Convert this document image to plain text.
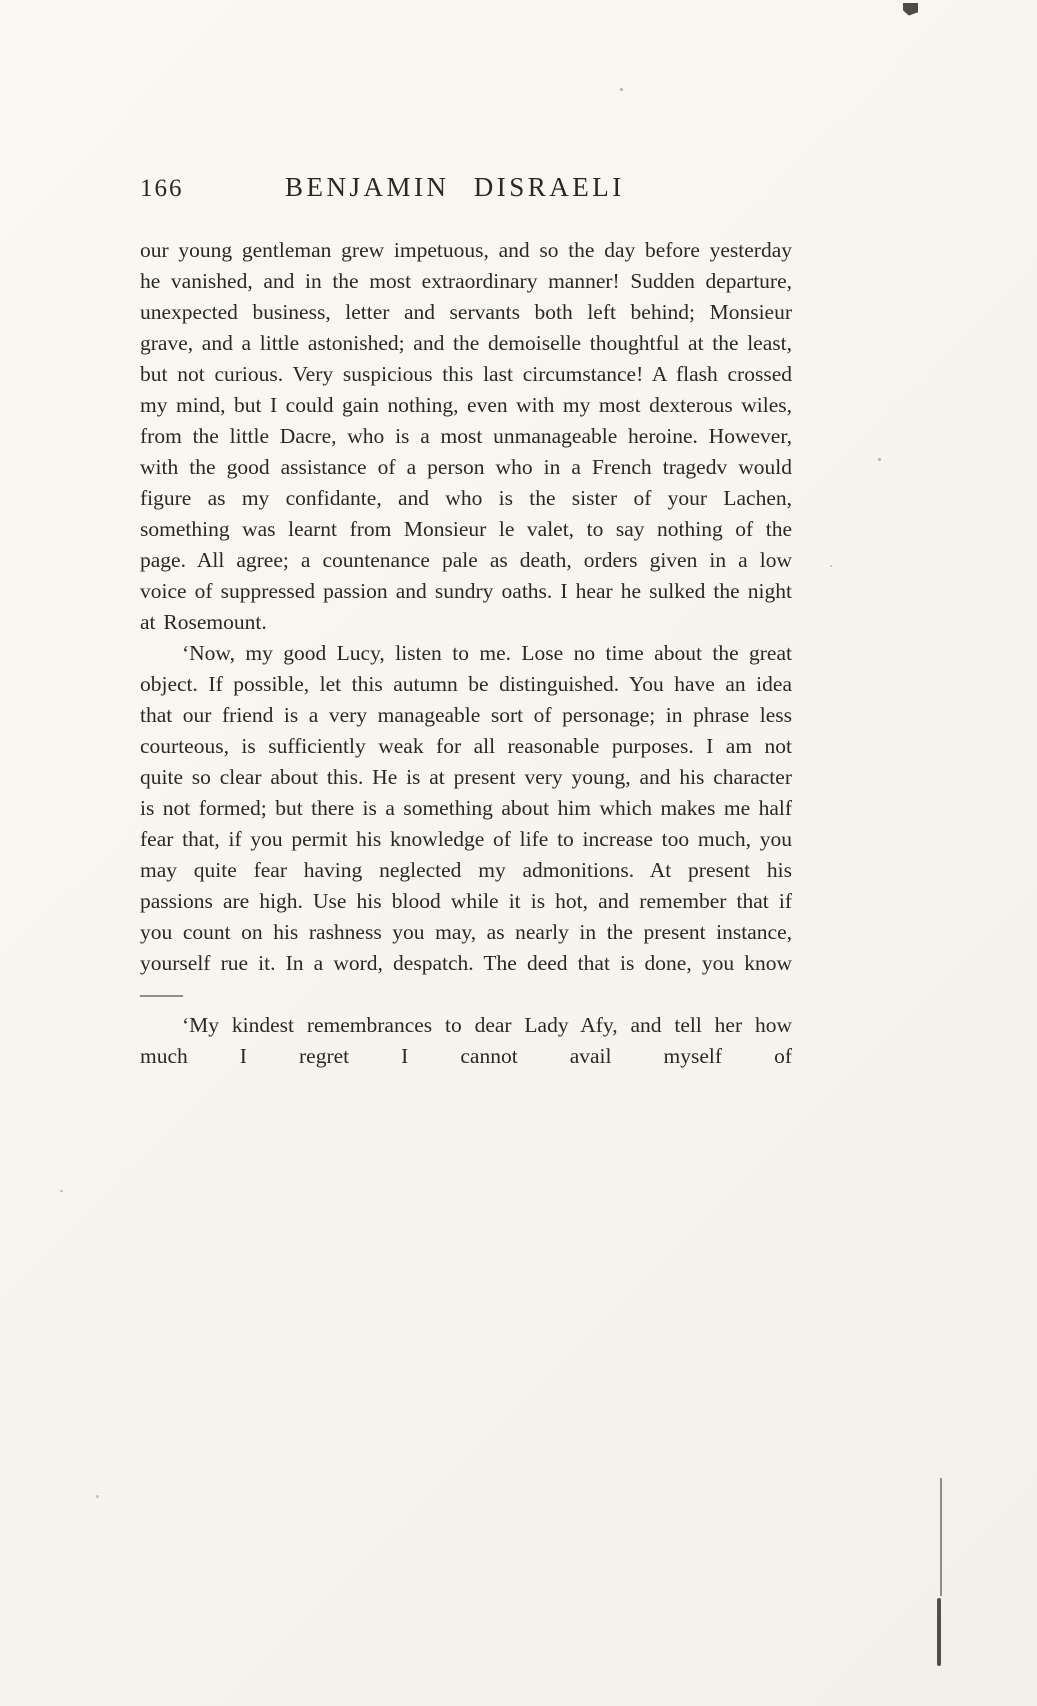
166	BENJAMIN DISRAELI

our young gentleman grew impetuous, and so the day before yesterday he vanished, and in the most extraordinary manner! Sudden departure, unexpected business, letter and servants both left behind; Monsieur grave, and a little astonished; and the demoiselle thoughtful at the least, but not curious. Very suspicious this last circumstance! A flash crossed my mind, but I could gain nothing, even with my most dexterous wiles, from the little Dacre, who is a most unmanageable heroine. However, with the good assistance of a person who in a French tragedv would figure as my confidante, and who is the sister of your Lachen, something was learnt from Monsieur le valet, to say nothing of the page. All agree; a countenance pale as death, orders given in a low voice of suppressed passion and sundry oaths. I hear he sulked the night at Rosemount.

‘Now, my good Lucy, listen to me. Lose no time about the great object. If possible, let this autumn be distinguished. You have an idea that our friend is a very manageable sort of personage; in phrase less courteous, is sufficiently weak for all reasonable purposes. I am not quite so clear about this. He is at present very young, and his character is not formed; but there is a something about him which makes me half fear that, if you permit his knowledge of life to increase too much, you may quite fear having neglected my admonitions. At present his passions are high. Use his blood while it is hot, and remember that if you count on his rashness you may, as nearly in the present instance, yourself rue it. In a word, despatch. The deed that is done, you know ——

‘My kindest remembrances to dear Lady Afy, and tell her how much I regret I cannot avail myself of
